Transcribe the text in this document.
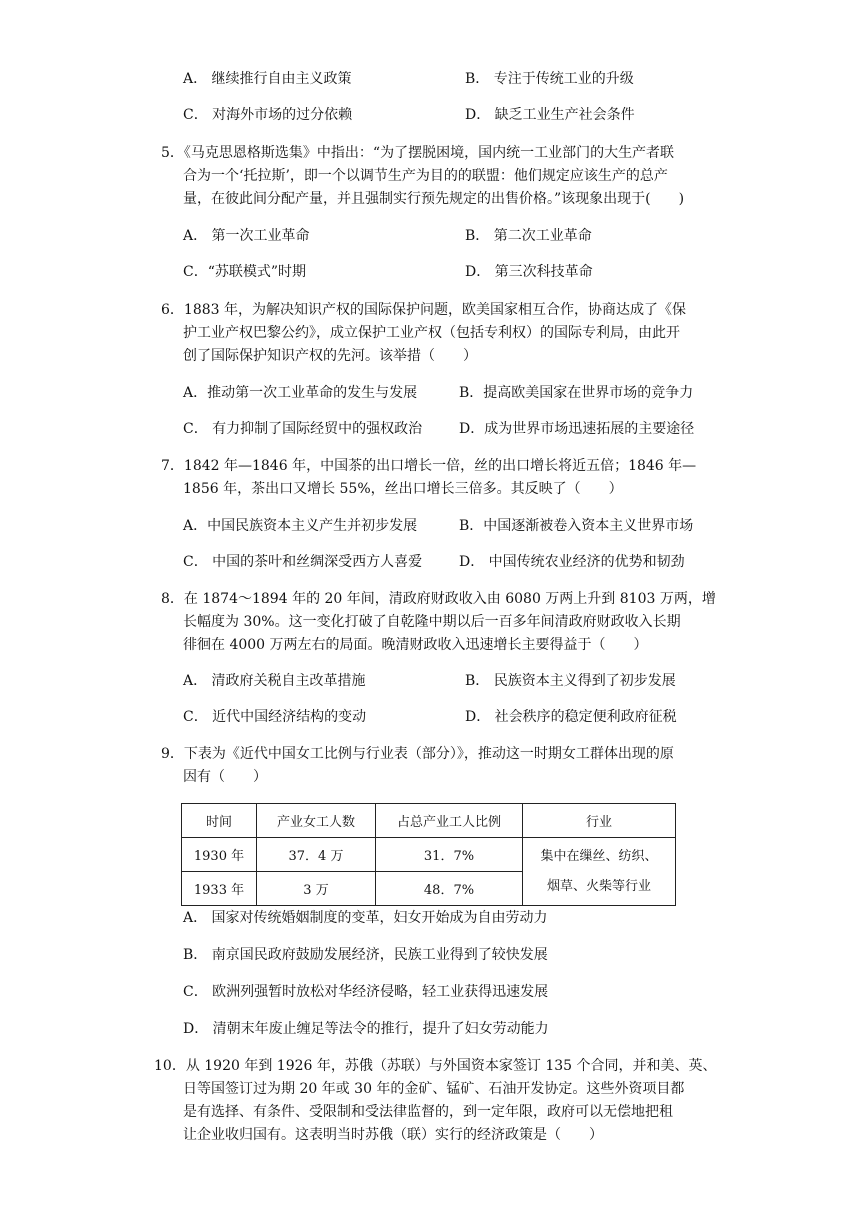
A． 继续推行自由主义政策	B． 专注于传统工业的升级
C． 对海外市场的过分依赖	D． 缺乏工业生产社会条件
5．《马克思恩格斯选集》中指出：“为了摆脱困境，国内统一工业部门的大生产者联
合为一个‘托拉斯’，即一个以调节生产为目的的联盟：他们规定应该生产的总产
量，在彼此间分配产量，并且强制实行预先规定的出售价格。”该现象出现于(　　)
A． 第一次工业革命	B． 第二次工业革命
C．“苏联模式”时期	D． 第三次科技革命
6．1883 年，为解决知识产权的国际保护问题，欧美国家相互合作，协商达成了《保
护工业产权巴黎公约》，成立保护工业产权（包括专利权）的国际专利局，由此开
创了国际保护知识产权的先河。该举措（　　）
A．推动第一次工业革命的发生与发展	B．提高欧美国家在世界市场的竞争力
C． 有力抑制了国际经贸中的强权政治	D．成为世界市场迅速拓展的主要途径
7．1842 年—1846 年，中国茶的出口增长一倍，丝的出口增长将近五倍；1846 年—
1856 年，茶出口又增长 55%，丝出口增长三倍多。其反映了（　　）
A．中国民族资本主义产生并初步发展	B．中国逐渐被卷入资本主义世界市场
C． 中国的茶叶和丝绸深受西方人喜爱	D． 中国传统农业经济的优势和韧劲
8．在 1874～1894 年的 20 年间，清政府财政收入由 6080 万两上升到 8103 万两，增
长幅度为 30%。这一变化打破了自乾隆中期以后一百多年间清政府财政收入长期
徘徊在 4000 万两左右的局面。晚清财政收入迅速增长主要得益于（　　）
A． 清政府关税自主改革措施	B． 民族资本主义得到了初步发展
C． 近代中国经济结构的变动	D． 社会秩序的稳定便利政府征税
9．下表为《近代中国女工比例与行业表（部分）》，推动这一时期女工群体出现的原
因有（　　）
时间	产业女工人数	占总产业工人比例	行业
1930 年	37．4 万	31．7%	集中在缫丝、纺织、
烟草、火柴等行业

1933 年	3 万	48．7%	
A． 国家对传统婚姻制度的变革，妇女开始成为自由劳动力
B． 南京国民政府鼓励发展经济，民族工业得到了较快发展
C． 欧洲列强暂时放松对华经济侵略，轻工业获得迅速发展
D． 清朝末年废止缠足等法令的推行，提升了妇女劳动能力
10．从 1920 年到 1926 年，苏俄（苏联）与外国资本家签订 135 个合同，并和美、英、
日等国签订过为期 20 年或 30 年的金矿、锰矿、石油开发协定。这些外资项目都
是有选择、有条件、受限制和受法律监督的，到一定年限，政府可以无偿地把租
让企业收归国有。这表明当时苏俄（联）实行的经济政策是（　　）
